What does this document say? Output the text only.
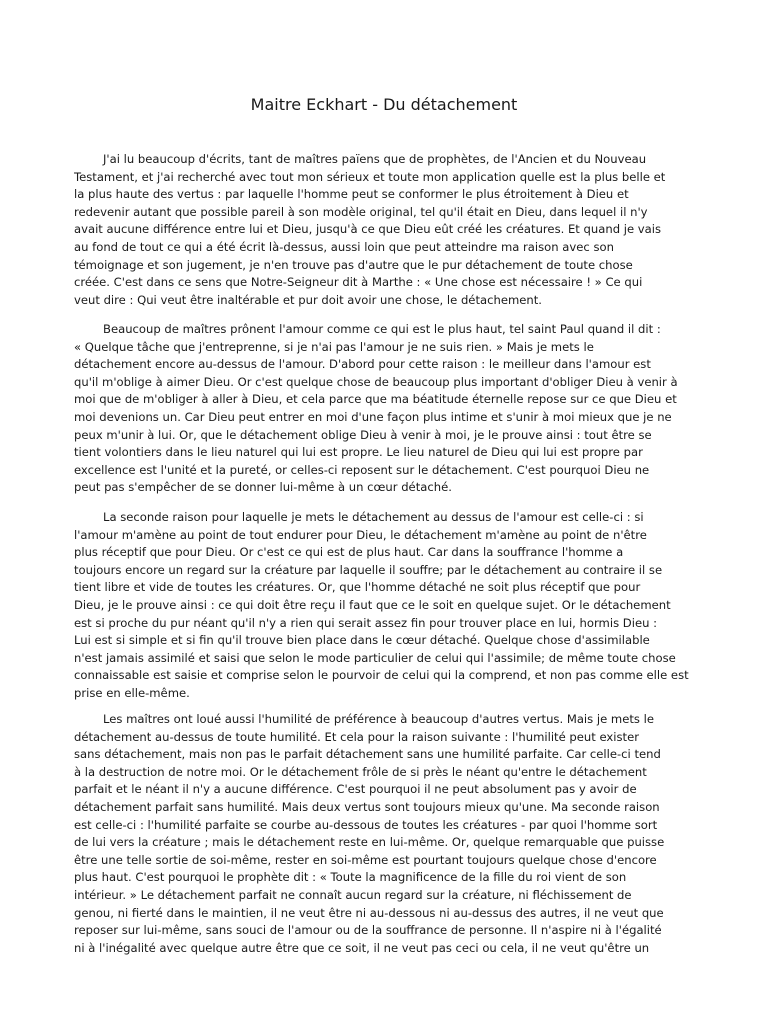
Maitre Eckhart - Du détachement
J'ai lu beaucoup d'écrits, tant de maîtres païens que de prophètes, de l'Ancien et du Nouveau
Testament, et j'ai recherché avec tout mon sérieux et toute mon application quelle est la plus belle et
la plus haute des vertus : par laquelle l'homme peut se conformer le plus étroitement à Dieu et
redevenir autant que possible pareil à son modèle original, tel qu'il était en Dieu, dans lequel il n'y
avait aucune différence entre lui et Dieu, jusqu'à ce que Dieu eût créé les créatures. Et quand je vais
au fond de tout ce qui a été écrit là-dessus, aussi loin que peut atteindre ma raison avec son
témoignage et son jugement, je n'en trouve pas d'autre que le pur détachement de toute chose
créée. C'est dans ce sens que Notre-Seigneur dit à Marthe : « Une chose est nécessaire ! » Ce qui
veut dire : Qui veut être inaltérable et pur doit avoir une chose, le détachement.
Beaucoup de maîtres prônent l'amour comme ce qui est le plus haut, tel saint Paul quand il dit :
« Quelque tâche que j'entreprenne, si je n'ai pas l'amour je ne suis rien. » Mais je mets le
détachement encore au-dessus de l'amour. D'abord pour cette raison : le meilleur dans l'amour est
qu'il m'oblige à aimer Dieu. Or c'est quelque chose de beaucoup plus important d'obliger Dieu à venir à
moi que de m'obliger à aller à Dieu, et cela parce que ma béatitude éternelle repose sur ce que Dieu et
moi devenions un. Car Dieu peut entrer en moi d'une façon plus intime et s'unir à moi mieux que je ne
peux m'unir à lui. Or, que le détachement oblige Dieu à venir à moi, je le prouve ainsi : tout être se
tient volontiers dans le lieu naturel qui lui est propre. Le lieu naturel de Dieu qui lui est propre par
excellence est l'unité et la pureté, or celles-ci reposent sur le détachement. C'est pourquoi Dieu ne
peut pas s'empêcher de se donner lui-même à un cœur détaché.
La seconde raison pour laquelle je mets le détachement au dessus de l'amour est celle-ci : si
l'amour m'amène au point de tout endurer pour Dieu, le détachement m'amène au point de n'être
plus réceptif que pour Dieu. Or c'est ce qui est de plus haut. Car dans la souffrance l'homme a
toujours encore un regard sur la créature par laquelle il souffre; par le détachement au contraire il se
tient libre et vide de toutes les créatures. Or, que l'homme détaché ne soit plus réceptif que pour
Dieu, je le prouve ainsi : ce qui doit être reçu il faut que ce le soit en quelque sujet. Or le détachement
est si proche du pur néant qu'il n'y a rien qui serait assez fin pour trouver place en lui, hormis Dieu :
Lui est si simple et si fin qu'il trouve bien place dans le cœur détaché. Quelque chose d'assimilable
n'est jamais assimilé et saisi que selon le mode particulier de celui qui l'assimile; de même toute chose
connaissable est saisie et comprise selon le pourvoir de celui qui la comprend, et non pas comme elle est
prise en elle-même.
Les maîtres ont loué aussi l'humilité de préférence à beaucoup d'autres vertus. Mais je mets le
détachement au-dessus de toute humilité. Et cela pour la raison suivante : l'humilité peut exister
sans détachement, mais non pas le parfait détachement sans une humilité parfaite. Car celle-ci tend
à la destruction de notre moi. Or le détachement frôle de si près le néant qu'entre le détachement
parfait et le néant il n'y a aucune différence. C'est pourquoi il ne peut absolument pas y avoir de
détachement parfait sans humilité. Mais deux vertus sont toujours mieux qu'une. Ma seconde raison
est celle-ci : l'humilité parfaite se courbe au-dessous de toutes les créatures - par quoi l'homme sort
de lui vers la créature ; mais le détachement reste en lui-même. Or, quelque remarquable que puisse
être une telle sortie de soi-même, rester en soi-même est pourtant toujours quelque chose d'encore
plus haut. C'est pourquoi le prophète dit : « Toute la magnificence de la fille du roi vient de son
intérieur. » Le détachement parfait ne connaît aucun regard sur la créature, ni fléchissement de
genou, ni fierté dans le maintien, il ne veut être ni au-dessous ni au-dessus des autres, il ne veut que
reposer sur lui-même, sans souci de l'amour ou de la souffrance de personne. Il n'aspire ni à l'égalité
ni à l'inégalité avec quelque autre être que ce soit, il ne veut pas ceci ou cela, il ne veut qu'être un
